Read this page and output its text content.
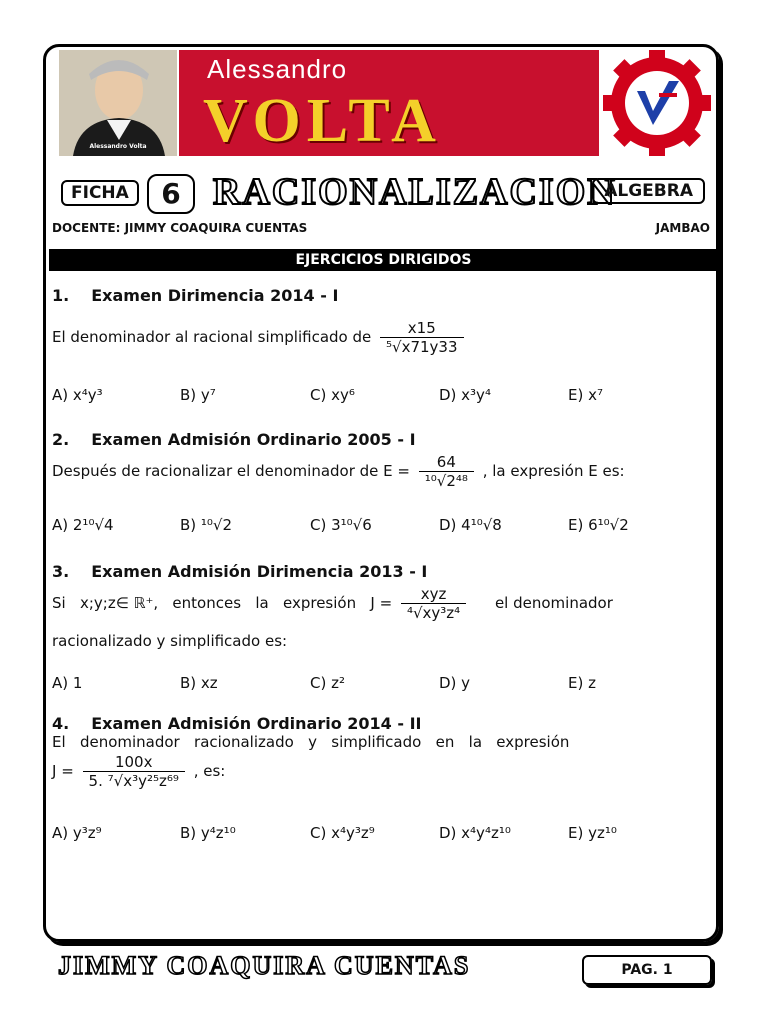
Alessandro Volta
Alessandro
VOLTA
FICHA	6 RACIONALIZACION
ALGEBRA
DOCENTE: JIMMY COAQUIRA CUENTAS	JAMBAO
EJERCICIOS DIRIGIDOS
1. Examen Dirimencia 2014 - I
El denominador al racional simplificado de $\frac{x15}{\text{⁵√x71y33}}$
A) x⁴y³	B) y⁷	C) xy⁶	D) x³y⁴	E) x⁷
2. Examen Admisión Ordinario 2005 - I
Después de racionalizar el denominador de $E = \frac{64}{\text{¹⁰√2⁴⁸}}$ , la expresión E es:
A) 2¹⁰√4	B) ¹⁰√2	C) 3¹⁰√6	D) 4¹⁰√8	E) 6¹⁰√2
3. Examen Admisión Dirimencia 2013 - I
Si   x;y;z∈ ℝ⁺,   entonces   la   expresión   $J = \frac{\text{xyz}}{\text{⁴√xy³z⁴}}$ el denominador
racionalizado y simplificado es:
A) 1	B) xz	C) z²	D) y	E) z
4. Examen Admisión Ordinario 2014 - II
El   denominador   racionalizado   y   simplificado   en   la   expresión
$J = \frac{100x}{\text{5. ⁷√x³y²⁵z⁶⁹}}$ , es:
A) y³z⁹	B) y⁴z¹⁰	C) x⁴y³z⁹	D) x⁴y⁴z¹⁰	E) yz¹⁰
JIMMY COAQUIRA CUENTAS	PAG. 1
